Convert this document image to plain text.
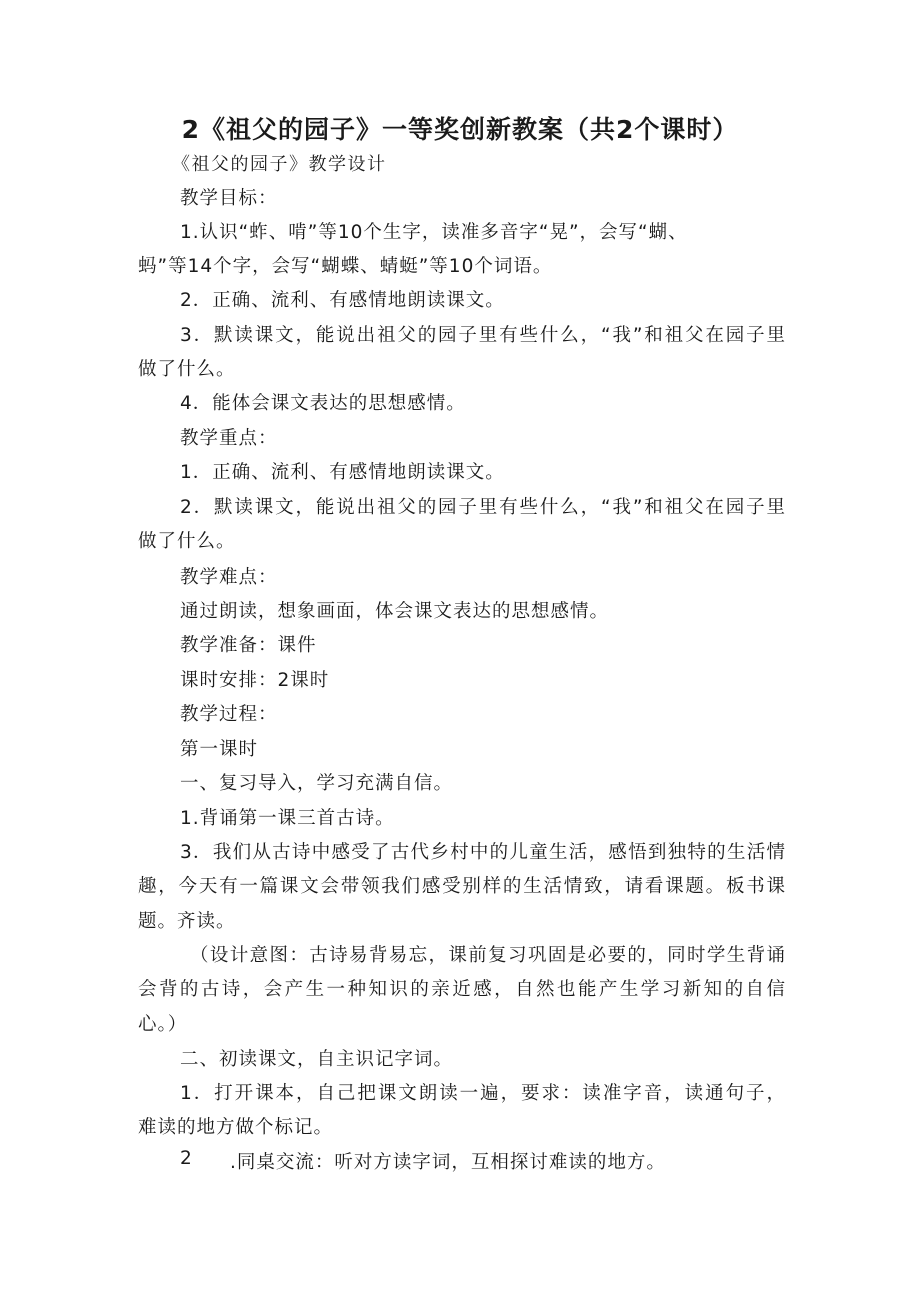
2《祖父的园子》一等奖创新教案（共2个课时）
《祖父的园子》教学设计
教学目标：
1.认识“蚱、啃”等10个生字，读准多音字“晃”，会写“蝴、
蚂”等14个字，会写“蝴蝶、蜻蜓”等10个词语。
2．正确、流利、有感情地朗读课文。
3．默读课文，能说出祖父的园子里有些什么，“我”和祖父在园子里
做了什么。
4．能体会课文表达的思想感情。
教学重点：
1．正确、流利、有感情地朗读课文。
2．默读课文，能说出祖父的园子里有些什么，“我”和祖父在园子里
做了什么。
教学难点：
通过朗读，想象画面，体会课文表达的思想感情。
教学准备：课件
课时安排：2课时
教学过程：
第一课时
一、复习导入，学习充满自信。
1.背诵第一课三首古诗。
3．我们从古诗中感受了古代乡村中的儿童生活，感悟到独特的生活情
趣，今天有一篇课文会带领我们感受别样的生活情致，请看课题。板书课
题。齐读。
（设计意图：古诗易背易忘，课前复习巩固是必要的，同时学生背诵
会背的古诗，会产生一种知识的亲近感，自然也能产生学习新知的自信
心。）
二、初读课文，自主识记字词。
1．打开课本，自己把课文朗读一遍，要求：读准字音，读通句子，
难读的地方做个标记。
2 .同桌交流：听对方读字词，互相探讨难读的地方。
